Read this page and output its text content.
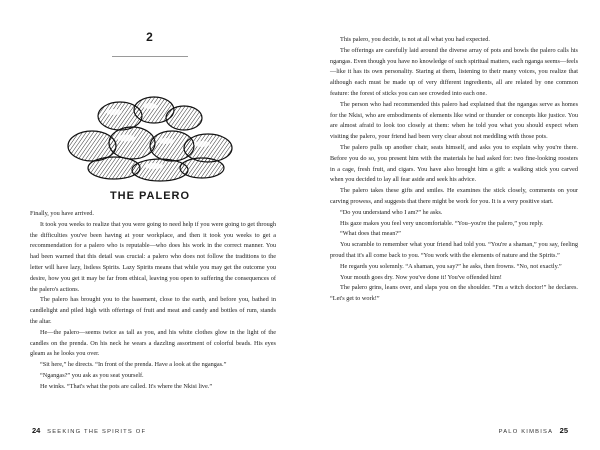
2
THE PALERO

Finally, you have arrived.

It took you weeks to realize that you were going to need help if you were going to get through the difficulties you've been having at your workplace, and then it took you weeks to get a recommendation for a palero who is reputable—who does his work in the correct manner. You had been warned that this detail was crucial: a palero who does not follow the traditions to the letter will have lazy, listless Spirits. Lazy Spirits means that while you may get the outcome you desire, how you get it may be far from ethical, leaving you open to suffering the consequences of the palero's actions.

The palero has brought you to the basement, close to the earth, and before you, bathed in candlelight and piled high with offerings of fruit and meat and candy and bottles of rum, stands the altar.

He—the palero—seems twice as tall as you, and his white clothes glow in the light of the candles on the prenda. On his neck he wears a dazzling assortment of colorful beads. His eyes gleam as he looks you over.

“Sit here,” he directs. “In front of the prenda. Have a look at the ngangas.”

“Ngangas?” you ask as you seat yourself.

He winks. “That's what the pots are called. It's where the Nkisi live.”

24 SEEKING THE SPIRITS OF

This palero, you decide, is not at all what you had expected.

The offerings are carefully laid around the diverse array of pots and bowls the palero calls his ngangas. Even though you have no knowledge of such spiritual matters, each nganga seems—feels—like it has its own personality. Staring at them, listening to their many voices, you realize that although each must be made up of very different ingredients, all are related by one common feature: the forest of sticks you can see crowded into each one.

The person who had recommended this palero had explained that the ngangas serve as homes for the Nkisi, who are embodiments of elements like wind or thunder or concepts like justice. You are almost afraid to look too closely at them: when he told you what you should expect when visiting the palero, your friend had been very clear about not meddling with those pots.

The palero pulls up another chair, seats himself, and asks you to explain why you're there. Before you do so, you present him with the materials he had asked for: two fine-looking roosters in a cage, fresh fruit, and cigars. You have also brought him a gift: a walking stick you carved when you decided to lay all fear aside and seek his advice.

The palero takes these gifts and smiles. He examines the stick closely, comments on your carving prowess, and suggests that there might be work for you. It is a very positive start.

“Do you understand who I am?” he asks.

His gaze makes you feel very uncomfortable. “You–you're the palero,” you reply.

“What does that mean?”

You scramble to remember what your friend had told you. “You're a shaman,” you say, feeling proud that it's all come back to you. “You work with the elements of nature and the Spirits.”

He regards you solemnly. “A shaman, you say?” he asks, then frowns. “No, not exactly.”

Your mouth goes dry. Now you've done it! You've offended him!

The palero grins, leans over, and slaps you on the shoulder. “I'm a witch doctor!” he declares. “Let's get to work!”

PALO KIMBISA 25
